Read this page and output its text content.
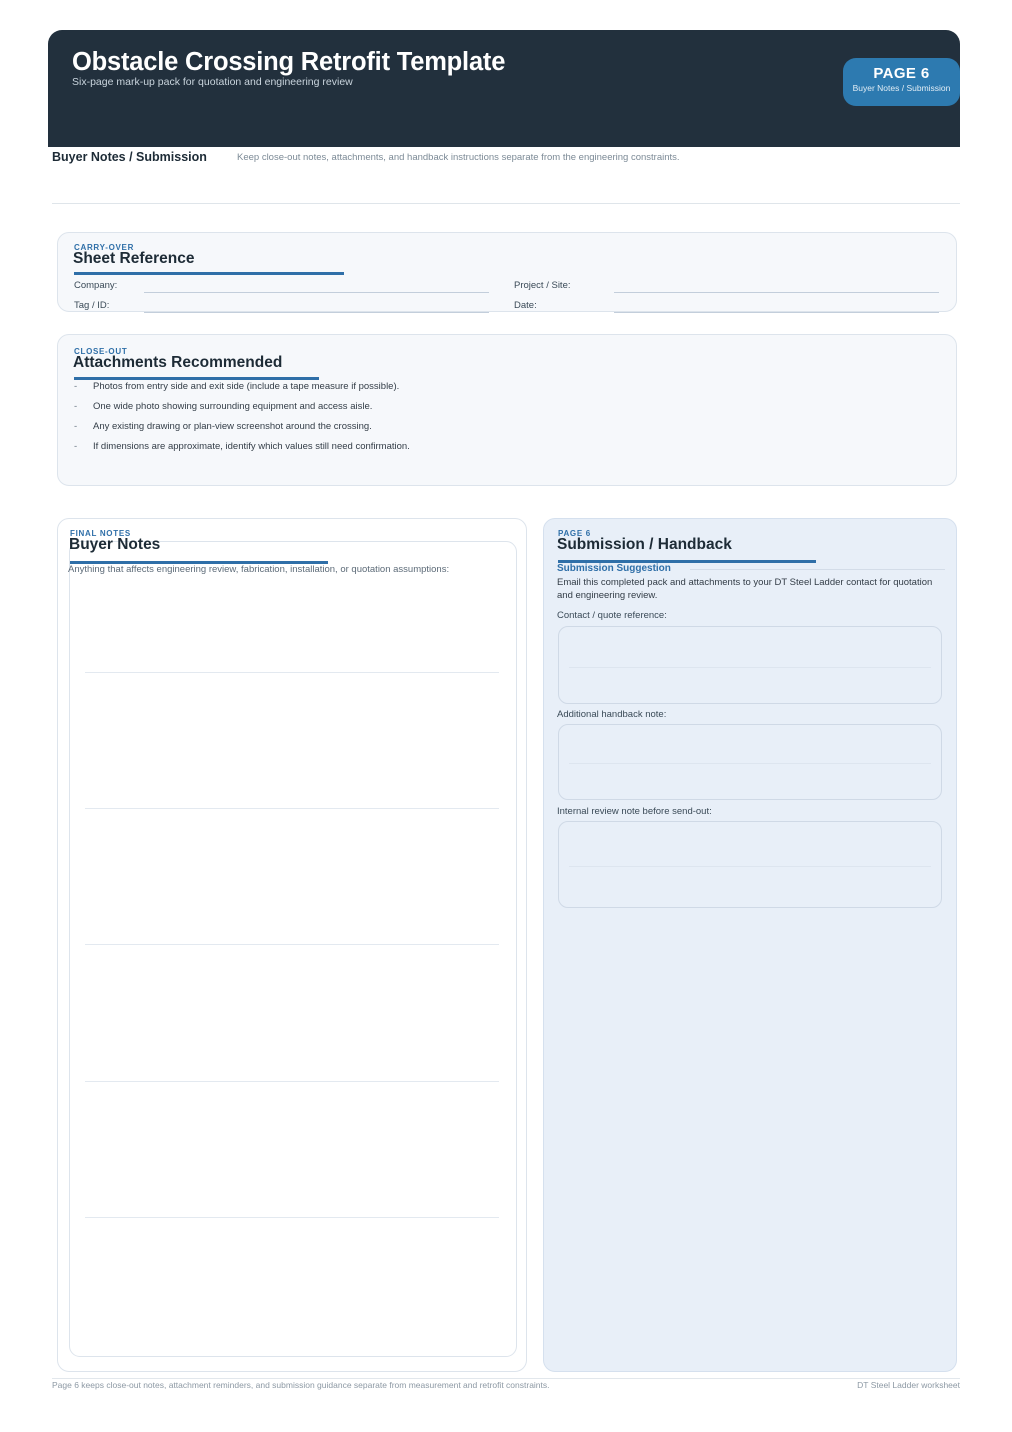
Obstacle Crossing Retrofit Template
Six-page mark-up pack for quotation and engineering review	PAGE 6
Buyer Notes / Submission
Buyer Notes / Submission	Keep close-out notes, attachments, and handback instructions separate from the engineering constraints.
CARRY-OVER
Sheet Reference
Company:	Project / Site:
Tag / ID:	Date:
CLOSE-OUT
Attachments Recommended
- Photos from entry side and exit side (include a tape measure if possible).
- One wide photo showing surrounding equipment and access aisle.
- Any existing drawing or plan-view screenshot around the crossing.
- If dimensions are approximate, identify which values still need confirmation.
FINAL NOTES
Buyer Notes
Anything that affects engineering review, fabrication, installation, or quotation assumptions:
PAGE 6
Submission / Handback
Submission Suggestion
Email this completed pack and attachments to your DT Steel Ladder contact for quotation and engineering review.
Contact / quote reference:
Additional handback note:
Internal review note before send-out:
Page 6 keeps close-out notes, attachment reminders, and submission guidance separate from measurement and retrofit constraints.	DT Steel Ladder worksheet
